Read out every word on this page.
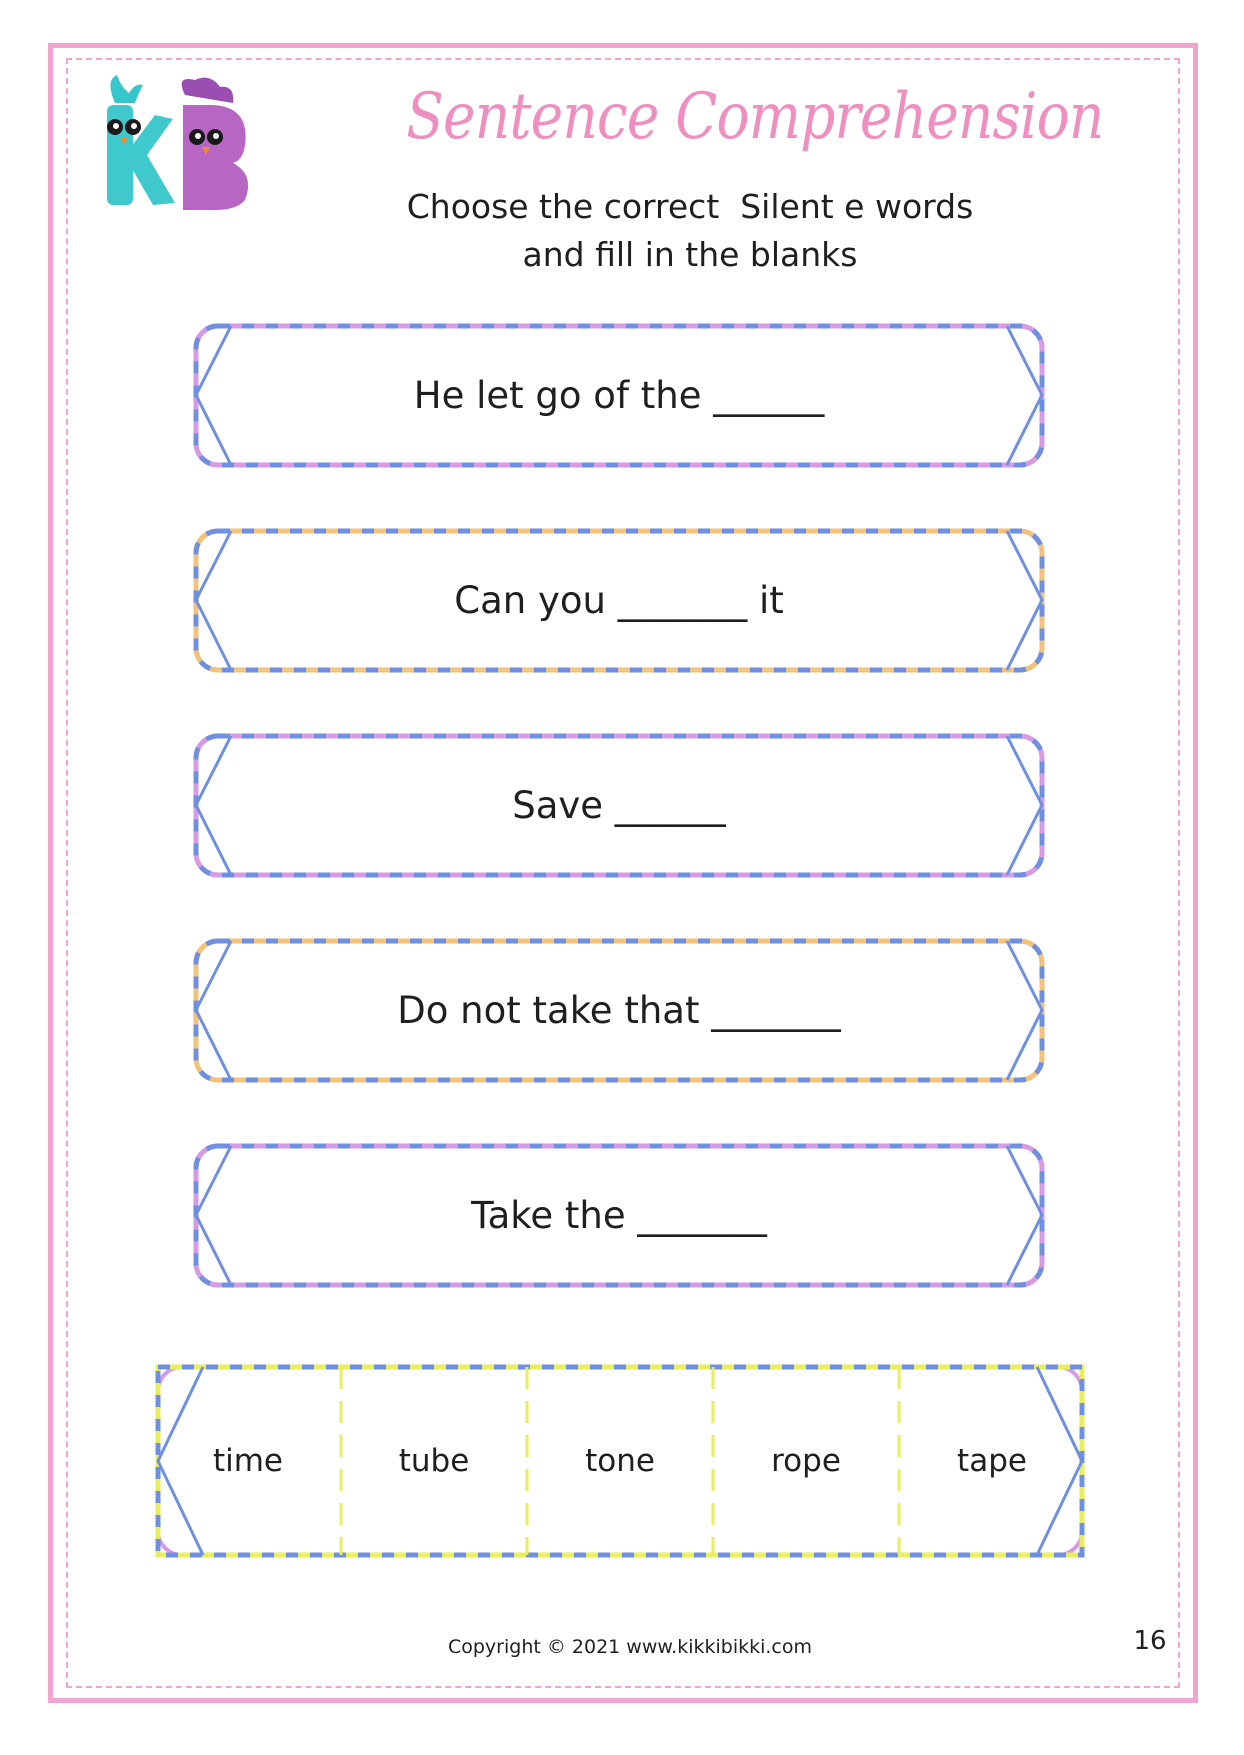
Sentence Comprehension
Choose the correct  Silent e words
and fill in the blanks
He let go of the ______
Can you _______ it
Save ______
Do not take that _______
Take the _______
time	tube	tone	rope	tape
Copyright © 2021 www.kikkibikki.com	16
